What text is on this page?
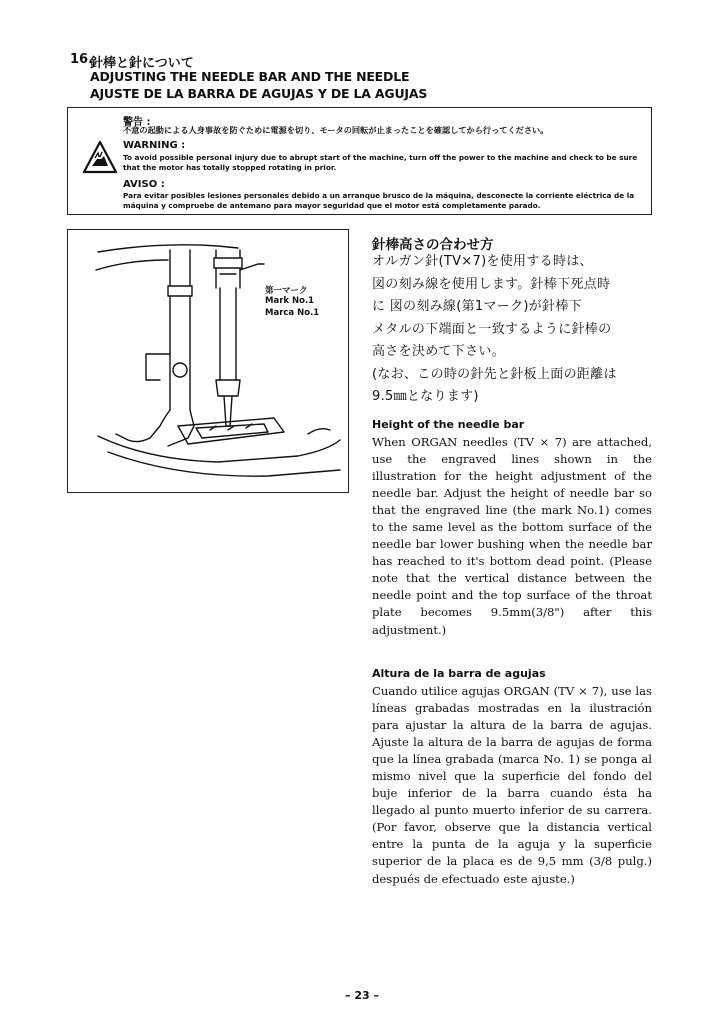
16.
針棒と針について
ADJUSTING THE NEEDLE BAR AND THE NEEDLE
AJUSTE DE LA BARRA DE AGUJAS Y DE LA AGUJAS
警告 :
不意の起動による人身事故を防ぐために電源を切り、モータの回転が止まったことを確認してから行ってください。
WARNING :
To avoid possible personal injury due to abrupt start of the machine, turn off the power to the machine and check to be sure that the motor has totally stopped rotating in prior.
AVISO :
Para evitar posibles lesiones personales debido a un arranque brusco de la máquina, desconecte la corriente eléctrica de la máquina y compruebe de antemano para mayor seguridad que el motor está completamente parado.
第一マーク
Mark No.1
Marca No.1
針棒高さの合わせ方

オルガン針(TV×7)を使用する時は、

図の刻み線を使用します。針棒下死点時

に 図の刻み線(第1マーク)が針棒下

メタルの下端面と一致するように針棒の

高さを決めて下さい。

(なお、この時の針先と針板上面の距離は

9.5㎜となります)

Height of the needle bar
When ORGAN needles (TV × 7) are attached, use the engraved lines shown in the illustration for the height adjustment of the needle bar. Adjust the height of needle bar so that the engraved line (the mark No.1) comes to the same level as the bottom surface of the needle bar lower bushing when the needle bar has reached to it's bottom dead point. (Please note that the vertical distance between the needle point and the top surface of the throat plate becomes 9.5mm(3/8") after this adjustment.)
Altura de la barra de agujas
Cuando utilice agujas ORGAN (TV × 7), use las líneas grabadas mostradas en la ilustración para ajustar la altura de la barra de agujas. Ajuste la altura de la barra de agujas de forma que la línea grabada (marca No. 1) se ponga al mismo nivel que la superficie del fondo del buje inferior de la barra cuando ésta ha llegado al punto muerto inferior de su carrera. (Por favor, observe que la distancia vertical entre la punta de la aguja y la superficie superior de la placa es de 9,5 mm (3/8 pulg.) después de efectuado este ajuste.)
– 23 –
